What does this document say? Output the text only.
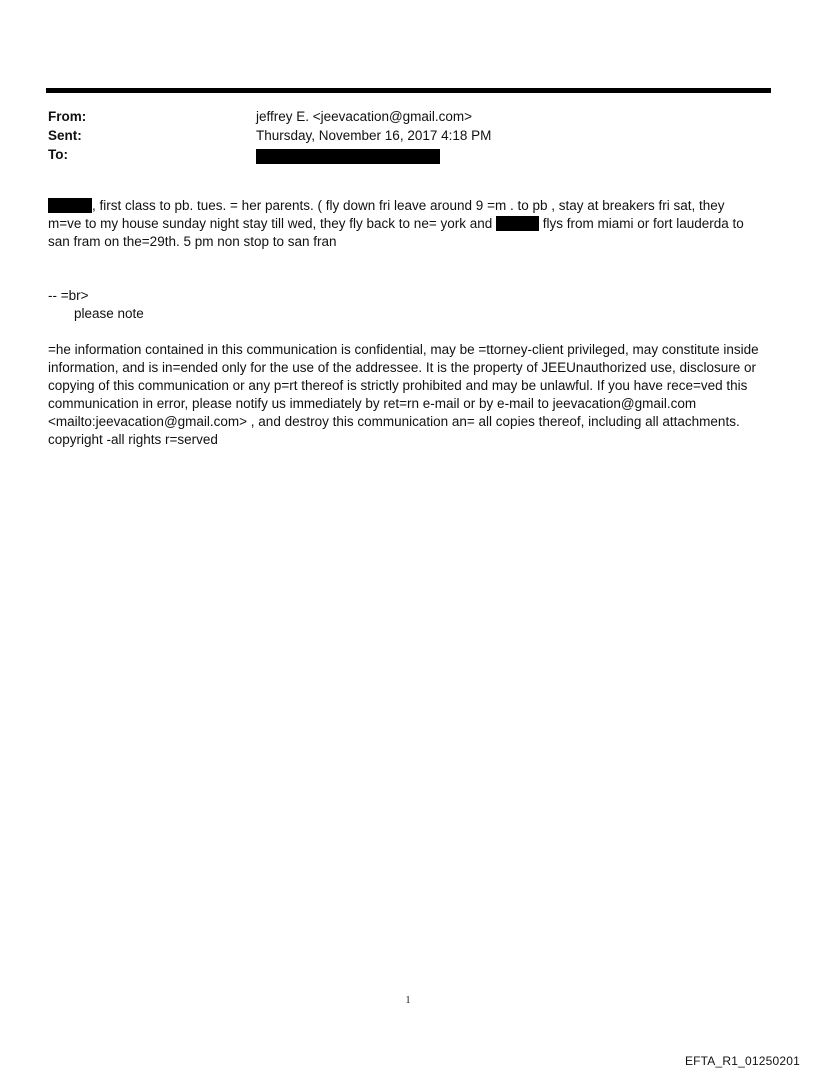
From:	jeffrey E. <jeevacation@gmail.com>
Sent:	Thursday, November 16, 2017 4:18 PM
To:
, first class to pb. tues. = her parents. ( fly down fri leave around 9 =m . to pb , stay at breakers fri sat, they m=ve to my house sunday night stay till wed, they fly back to ne= york and	flys from miami or fort lauderda to san fram on the=29th. 5 pm non stop to san fran
-- =br>
please note
=he information contained in this communication is confidential, may be =ttorney-client privileged, may constitute inside information, and is in=ended only for the use of the addressee. It is the property of JEEUnauthorized use, disclosure or copying of this communication or any p=rt thereof is strictly prohibited and may be unlawful. If you have rece=ved this communication in error, please notify us immediately by ret=rn e-mail or by e-mail to jeevacation@gmail.com <mailto:jeevacation@gmail.com> , and destroy this communication an= all copies thereof, including all attachments. copyright -all rights r=served
1
EFTA_R1_01250201
